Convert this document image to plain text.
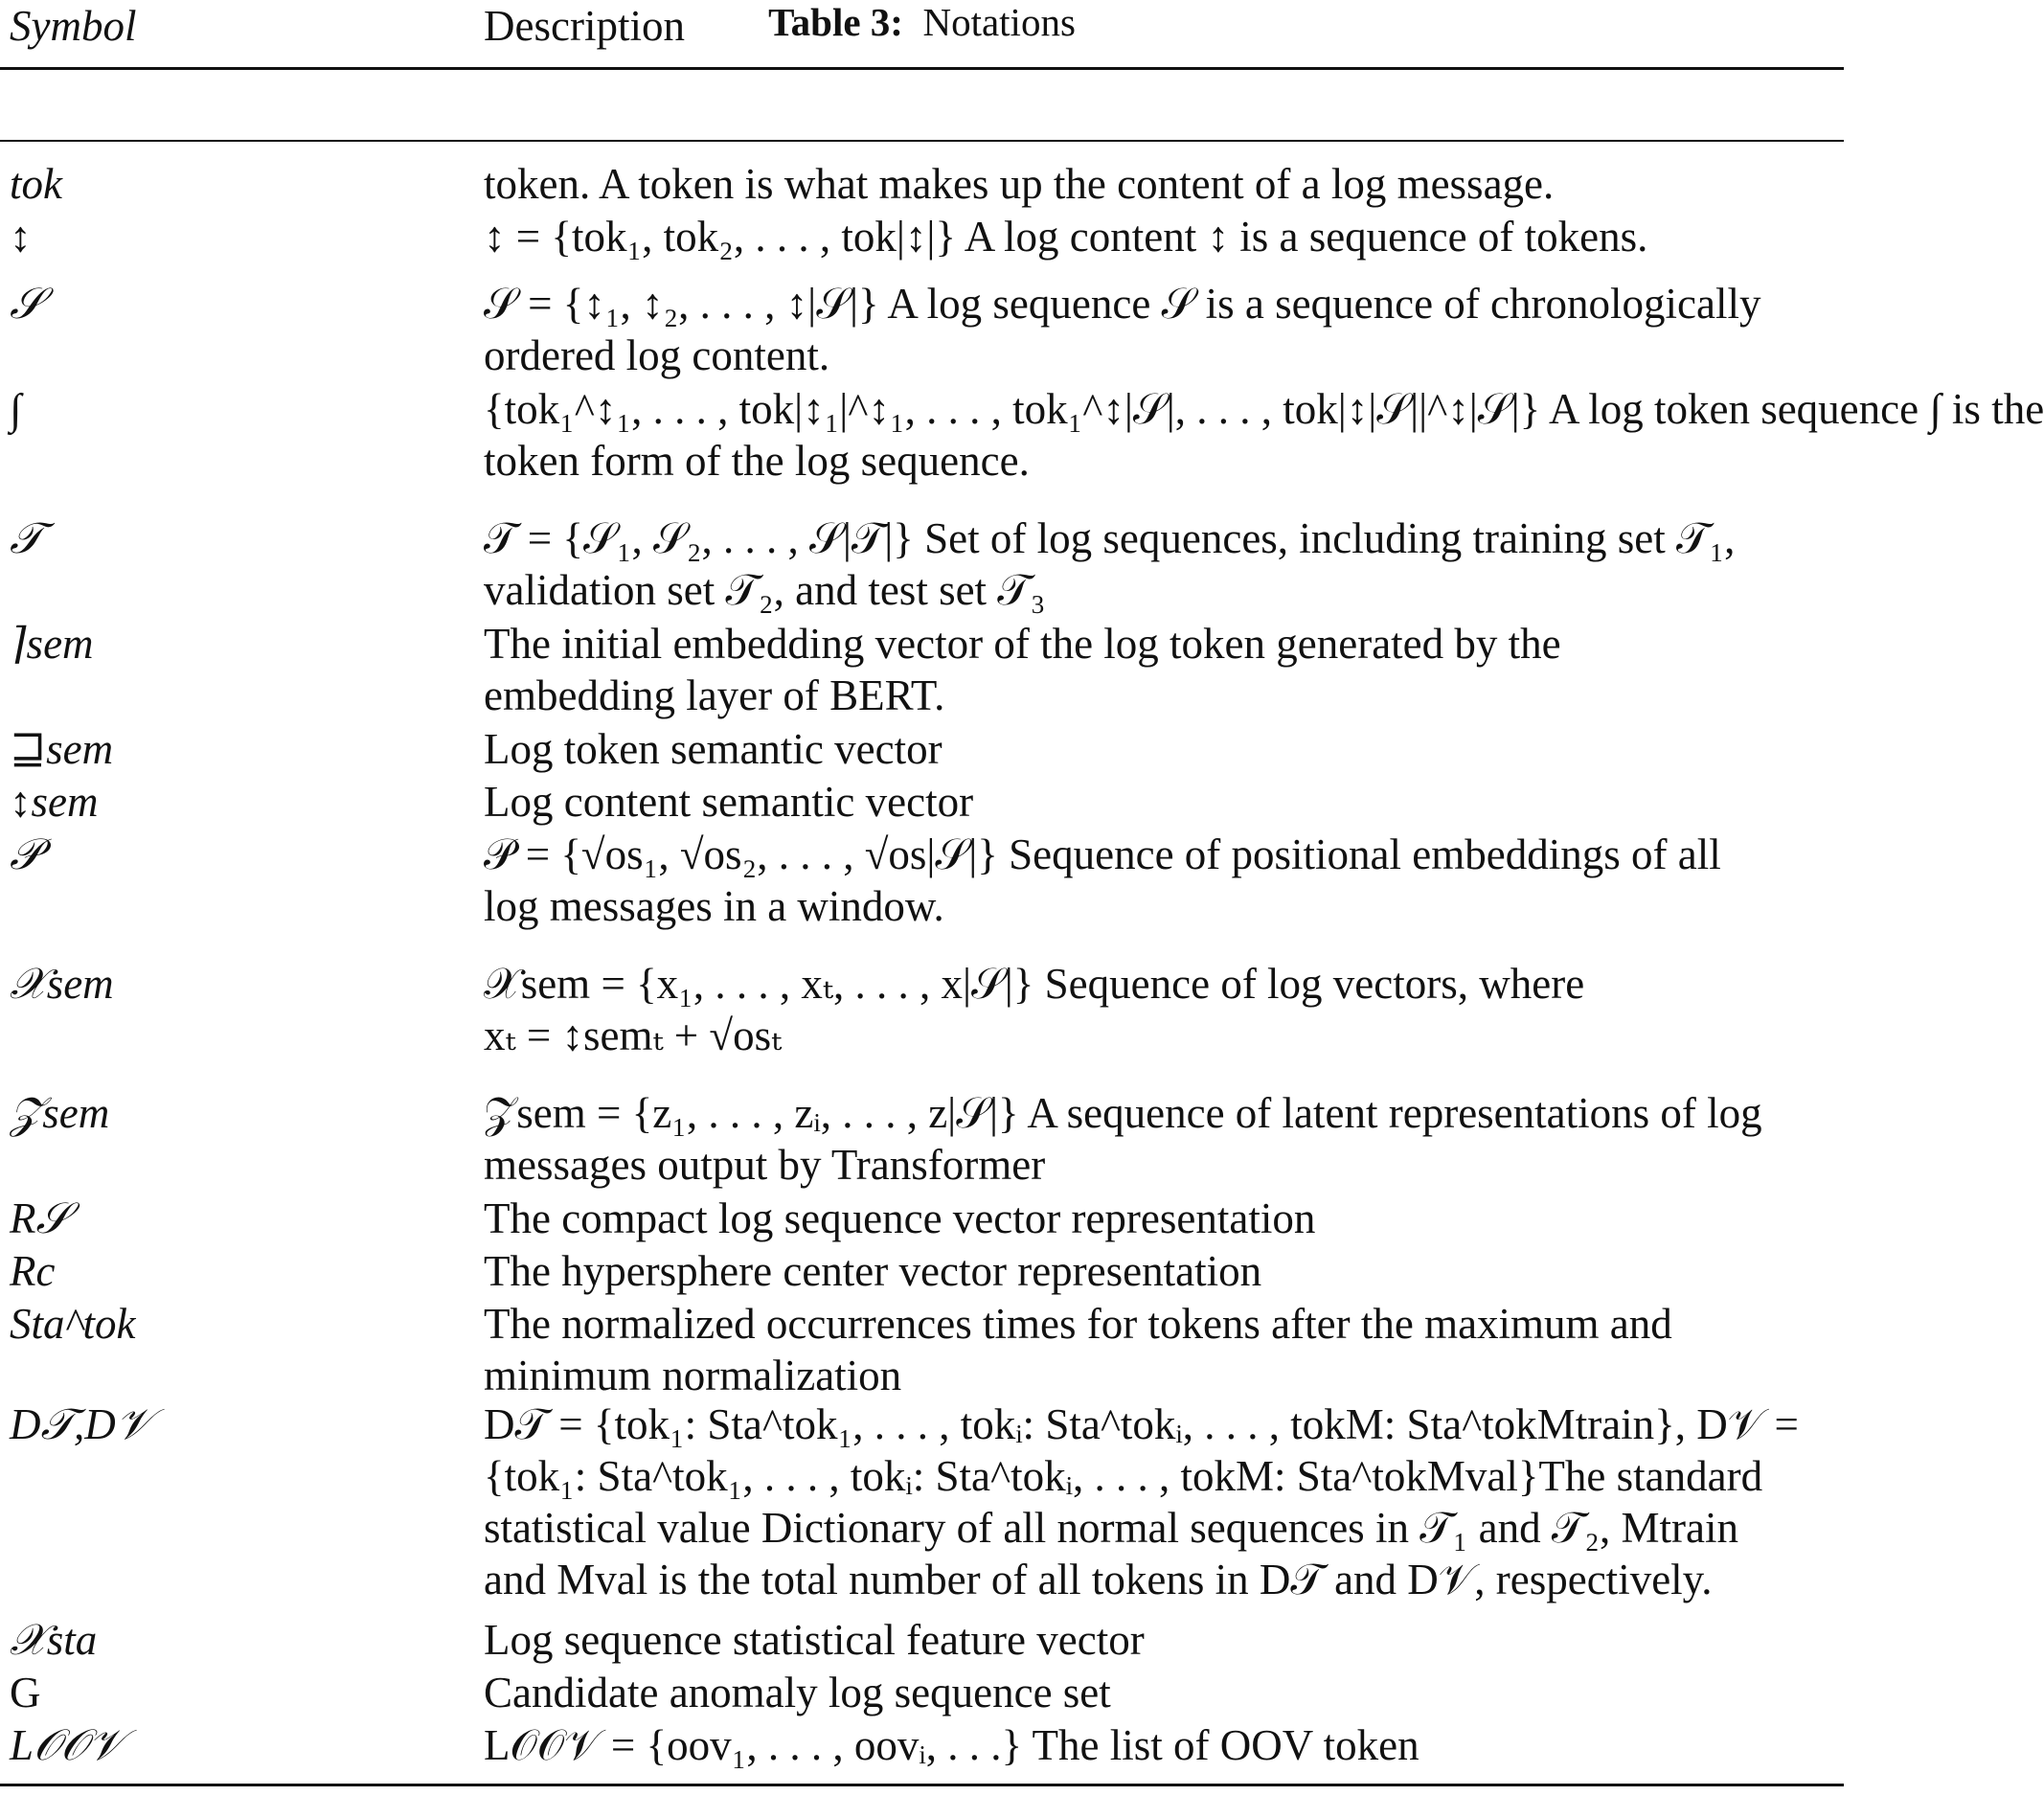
Table 3: Notations
Symbol	Description
tok	token. A token is what makes up the content of a log message.
↕	↕ = {tok₁, tok₂, . . . , tok|↕|} A log content ↕ is a sequence of tokens.
𝒮	𝒮 = {↕₁, ↕₂, . . . , ↕|𝒮|} A log sequence 𝒮 is a sequence of chronologically
ordered log content.
∫	{tok₁^↕₁, . . . , tok|↕₁|^↕₁, . . . , tok₁^↕|𝒮|, . . . , tok|↕|𝒮||^↕|𝒮|} A log token sequence ∫ is the
token form of the log sequence.
𝒯	𝒯 = {𝒮₁, 𝒮₂, . . . , 𝒮|𝒯|} Set of log sequences, including training set 𝒯₁,
validation set 𝒯₂, and test set 𝒯₃
⌉sem	The initial embedding vector of the log token generated by the
embedding layer of BERT.
⊒sem	Log token semantic vector
↕sem	Log content semantic vector
𝒫	𝒫 = {√os₁, √os₂, . . . , √os|𝒮|} Sequence of positional embeddings of all
log messages in a window.
𝒳sem	𝒳sem = {x₁, . . . , xₜ, . . . , x|𝒮|} Sequence of log vectors, where
xₜ = ↕semₜ + √osₜ
𝒵sem	𝒵sem = {z₁, . . . , zᵢ, . . . , z|𝒮|} A sequence of latent representations of log
messages output by Transformer
R𝒮	The compact log sequence vector representation
Rc	The hypersphere center vector representation
Sta^tok	The normalized occurrences times for tokens after the maximum and
minimum normalization
D𝒯,D𝒱	D𝒯 = {tok₁: Sta^tok₁, . . . , tokᵢ: Sta^tokᵢ, . . . , tokM: Sta^tokMtrain}, D𝒱 =
{tok₁: Sta^tok₁, . . . , tokᵢ: Sta^tokᵢ, . . . , tokM: Sta^tokMval}The standard
statistical value Dictionary of all normal sequences in 𝒯₁ and 𝒯₂, Mtrain
and Mval is the total number of all tokens in D𝒯 and D𝒱, respectively.
𝒳sta	Log sequence statistical feature vector
G	Candidate anomaly log sequence set
L𝒪𝒪𝒱	L𝒪𝒪𝒱 = {oov₁, . . . , oovᵢ, . . .} The list of OOV token
